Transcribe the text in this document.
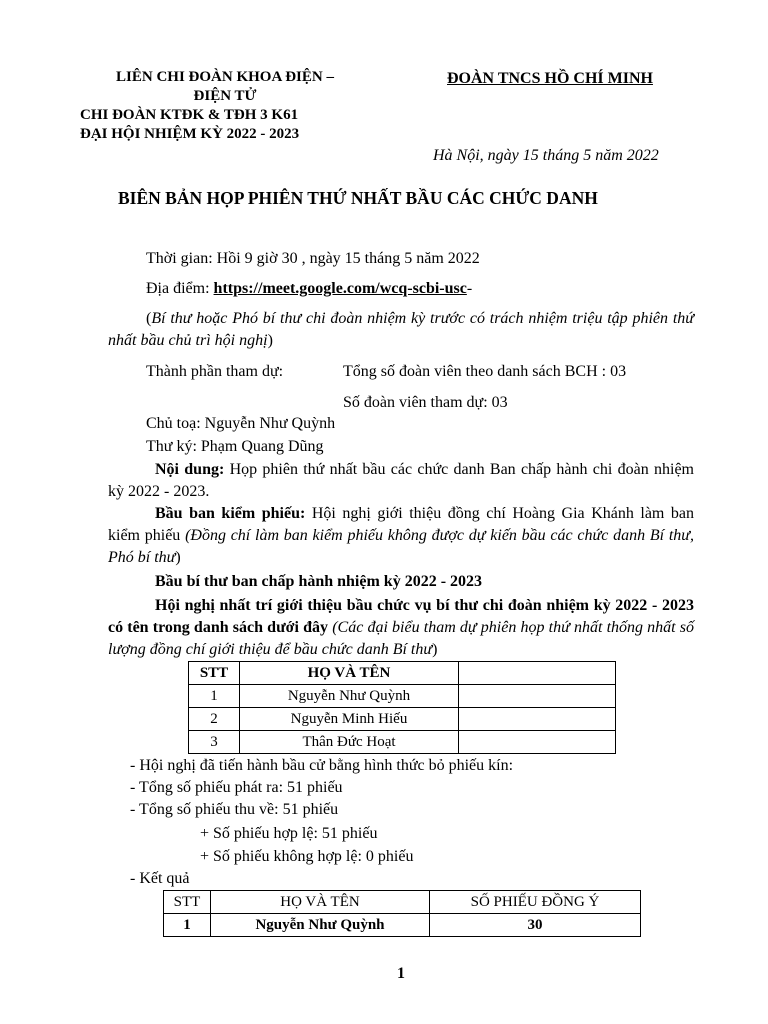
LIÊN CHI ĐOÀN KHOA ĐIỆN –
ĐIỆN TỬ
CHI ĐOÀN KTĐK & TĐH 3 K61
ĐẠI HỘI NHIỆM KỲ 2022 - 2023
ĐOÀN TNCS HỒ CHÍ MINH
Hà Nội, ngày 15 tháng 5 năm 2022
BIÊN BẢN HỌP PHIÊN THỨ NHẤT BẦU CÁC CHỨC DANH
Thời gian: Hồi 9 giờ 30 , ngày 15 tháng 5 năm 2022
Địa điểm: https://meet.google.com/wcq-scbi-usc-
(Bí thư hoặc Phó bí thư chi đoàn nhiệm kỳ trước có trách nhiệm triệu tập phiên thứ nhất bầu chủ trì hội nghị)
Thành phần tham dự:	Tổng số đoàn viên theo danh sách BCH : 03
Số đoàn viên tham dự: 03
Chủ toạ: Nguyễn Như Quỳnh
Thư ký: Phạm Quang Dũng
Nội dung: Họp phiên thứ nhất bầu các chức danh Ban chấp hành chi đoàn nhiệm kỳ 2022 - 2023.
Bầu ban kiểm phiếu: Hội nghị giới thiệu đồng chí Hoàng Gia Khánh làm ban kiểm phiếu (Đồng chí làm ban kiểm phiếu không được dự kiến bầu các chức danh Bí thư, Phó bí thư)
Bầu bí thư ban chấp hành nhiệm kỳ 2022 - 2023
Hội nghị nhất trí giới thiệu bầu chức vụ bí thư chi đoàn nhiệm kỳ 2022 - 2023 có tên trong danh sách dưới đây (Các đại biểu tham dự phiên họp thứ nhất thống nhất số lượng đồng chí giới thiệu để bầu chức danh Bí thư)
STT	HỌ VÀ TÊN	
1	Nguyễn Như Quỳnh	
2	Nguyễn Minh Hiếu	
3	Thân Đức Hoạt	
- Hội nghị đã tiến hành bầu cử bằng hình thức bỏ phiếu kín:
- Tổng số phiếu phát ra: 51 phiếu
- Tổng số phiếu thu về: 51 phiếu
+ Số phiếu hợp lệ: 51 phiếu
+ Số phiếu không hợp lệ: 0 phiếu
- Kết quả
STT	HỌ VÀ TÊN	SỐ PHIẾU ĐỒNG Ý
1	Nguyễn Như Quỳnh	30
1
